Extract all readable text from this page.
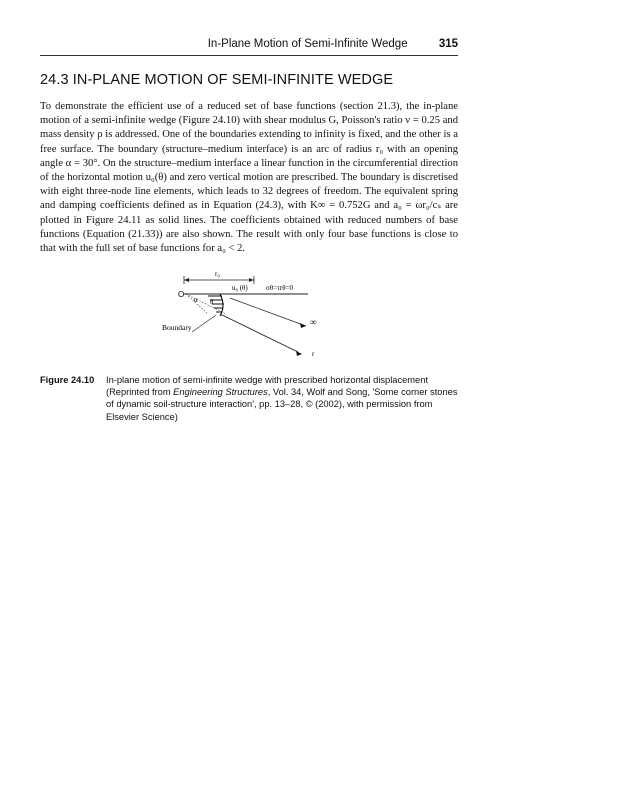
In-Plane Motion of Semi-Infinite Wedge	315
24.3 IN-PLANE MOTION OF SEMI-INFINITE WEDGE

To demonstrate the efficient use of a reduced set of base functions (section 21.3), the in-plane motion of a semi-infinite wedge (Figure 24.10) with shear modulus G, Poisson's ratio ν = 0.25 and mass density ρ is addressed. One of the boundaries extending to infinity is fixed, and the other is a free surface. The boundary (structure–medium interface) is an arc of radius r₀ with an opening angle α = 30°. On the structure–medium interface a linear function in the circumferential direction of the horizontal motion u₀(θ) and zero vertical motion are prescribed. The boundary is discretised with eight three-node line elements, which leads to 32 degrees of freedom. The equivalent spring and damping coefficients defined as in Equation (24.3), with K∞ = 0.752G and a₀ = ωr₀/cₛ are plotted in Figure 24.11 as solid lines. The coefficients obtained with reduced numbers of base functions (Equation (21.33)) are also shown. The result with only four base functions is close to that with the full set of base functions for a₀ < 2.

r₀
u₀ (θ)	σθ=τrθ=0
O
α θ
Boundary
∞
r
Figure 24.10	In-plane motion of semi-infinite wedge with prescribed horizontal displacement (Reprinted from Engineering Structures, Vol. 34, Wolf and Song, 'Some corner stones of dynamic soil-structure interaction', pp. 13–28, © (2002), with permission from Elsevier Science)
